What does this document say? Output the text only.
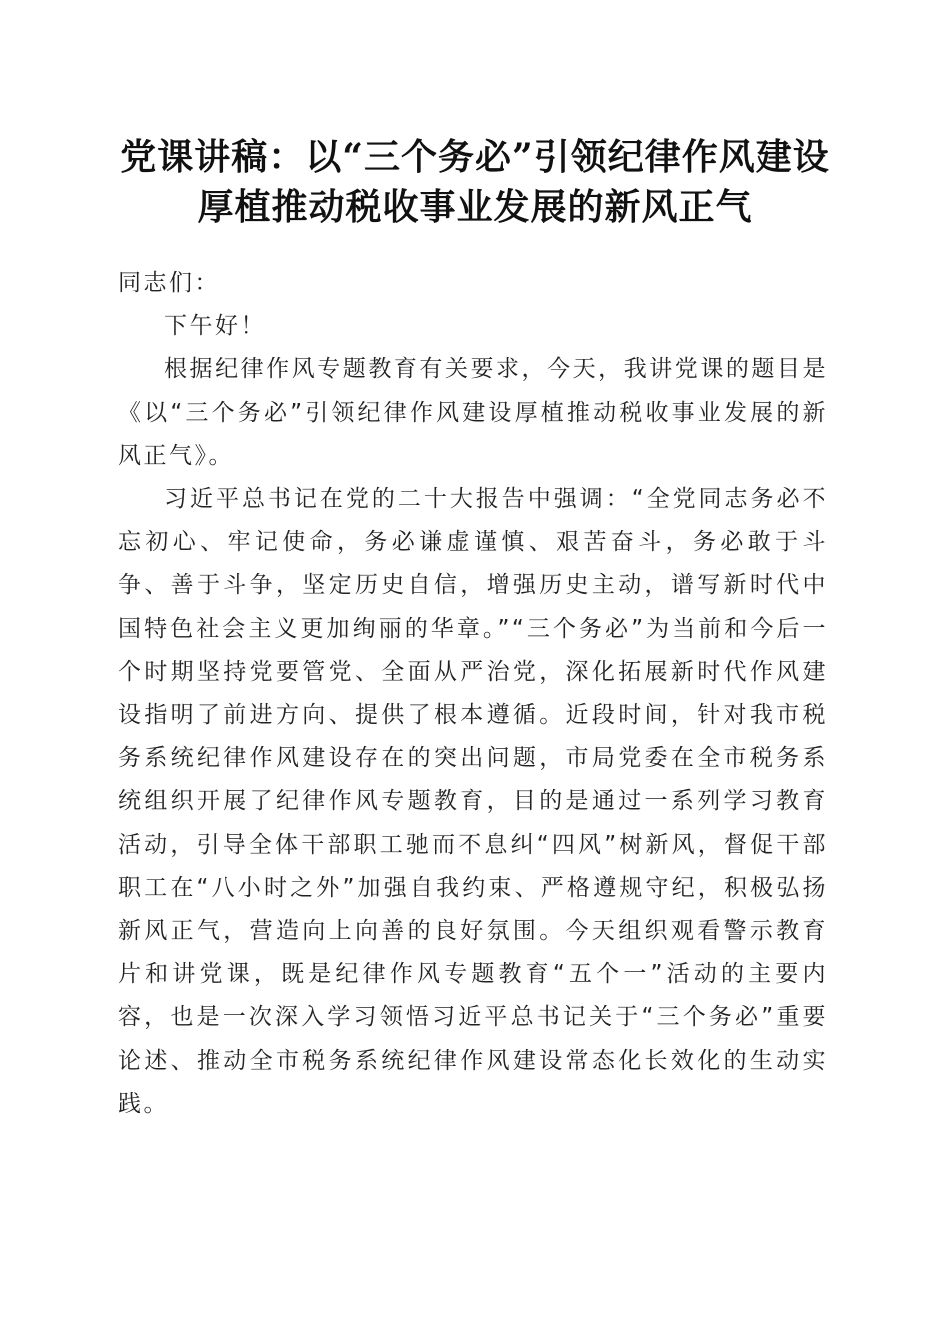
党课讲稿：以“三个务必”引领纪律作风建设
厚植推动税收事业发展的新风正气

同志们：

下午好！

根据纪律作风专题教育有关要求，今天，我讲党课的题目是《以“三个务必”引领纪律作风建设厚植推动税收事业发展的新风正气》。

习近平总书记在党的二十大报告中强调：“全党同志务必不忘初心、牢记使命，务必谦虚谨慎、艰苦奋斗，务必敢于斗争、善于斗争，坚定历史自信，增强历史主动，谱写新时代中国特色社会主义更加绚丽的华章。”“三个务必”为当前和今后一个时期坚持党要管党、全面从严治党，深化拓展新时代作风建设指明了前进方向、提供了根本遵循。近段时间，针对我市税务系统纪律作风建设存在的突出问题，市局党委在全市税务系统组织开展了纪律作风专题教育，目的是通过一系列学习教育活动，引导全体干部职工驰而不息纠“四风”树新风，督促干部职工在“八小时之外”加强自我约束、严格遵规守纪，积极弘扬新风正气，营造向上向善的良好氛围。今天组织观看警示教育片和讲党课，既是纪律作风专题教育“五个一”活动的主要内容，也是一次深入学习领悟习近平总书记关于“三个务必”重要论述、推动全市税务系统纪律作风建设常态化长效化的生动实践。
